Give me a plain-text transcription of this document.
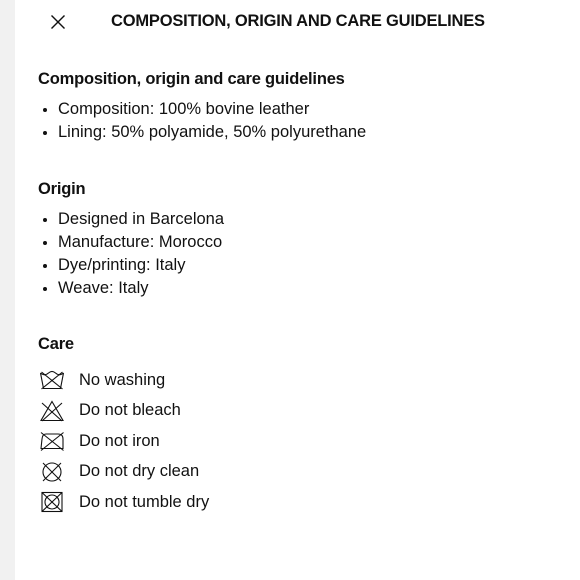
COMPOSITION, ORIGIN AND CARE GUIDELINES
Composition, origin and care guidelines
Composition: 100% bovine leather
Lining: 50% polyamide, 50% polyurethane
Origin
Designed in Barcelona
Manufacture: Morocco
Dye/printing: Italy
Weave: Italy
Care
No washing
Do not bleach
Do not iron
Do not dry clean
Do not tumble dry
